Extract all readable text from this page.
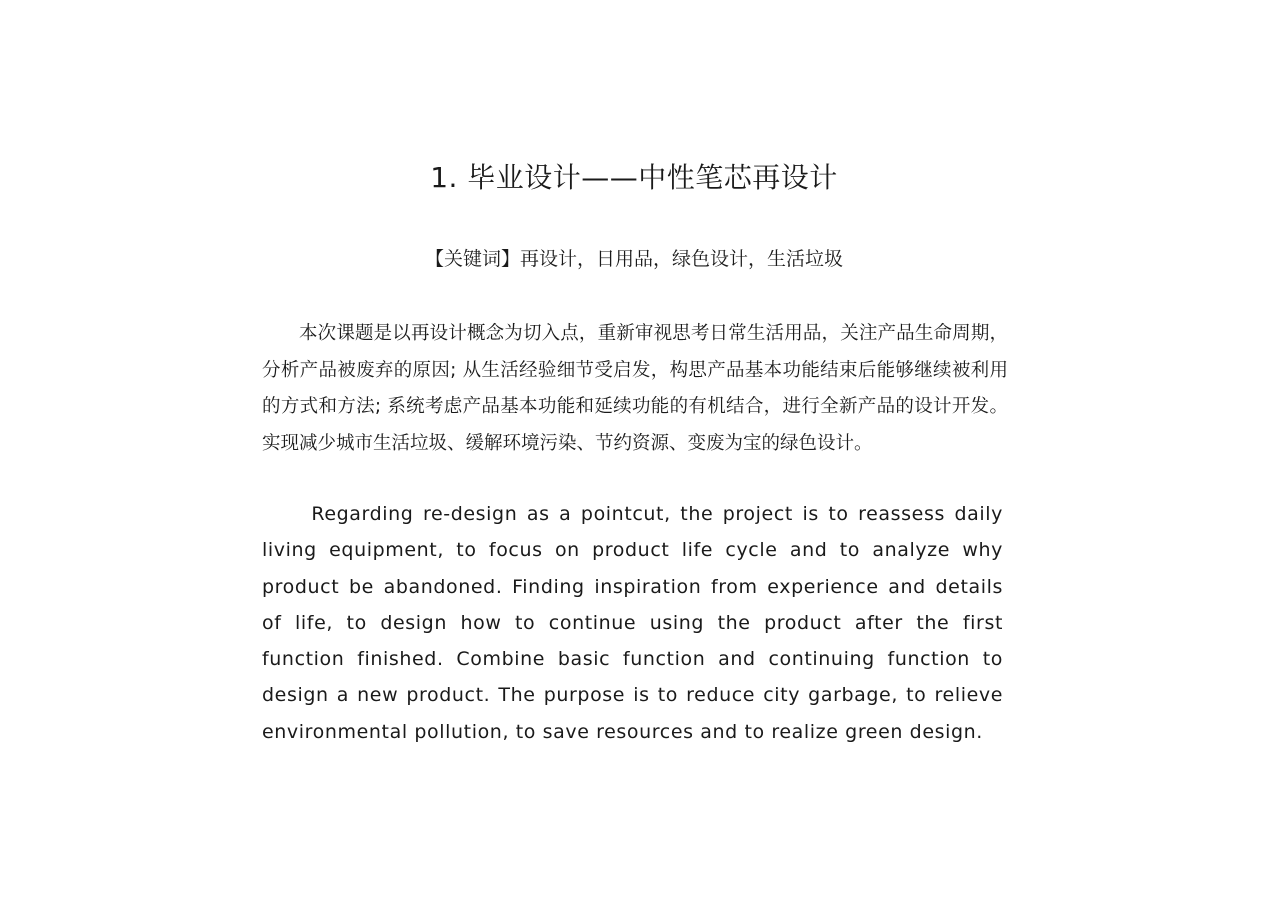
1. 毕业设计——中性笔芯再设计

【关键词】再设计，日用品，绿色设计，生活垃圾

本次课题是以再设计概念为切入点，重新审视思考日常生活用品，关注产品生命周期，分析产品被废弃的原因; 从生活经验细节受启发，构思产品基本功能结束后能够继续被利用的方式和方法; 系统考虑产品基本功能和延续功能的有机结合，进行全新产品的设计开发。实现减少城市生活垃圾、缓解环境污染、节约资源、变废为宝的绿色设计。

Regarding re-design as a pointcut, the project is to reassess daily living equipment, to focus on product life cycle and to analyze why product be abandoned. Finding inspiration from experience and details of life, to design how to continue using the product after the first function finished. Combine basic function and continuing function to design a new product. The purpose is to reduce city garbage, to relieve environmental pollution, to save resources and to realize green design.
